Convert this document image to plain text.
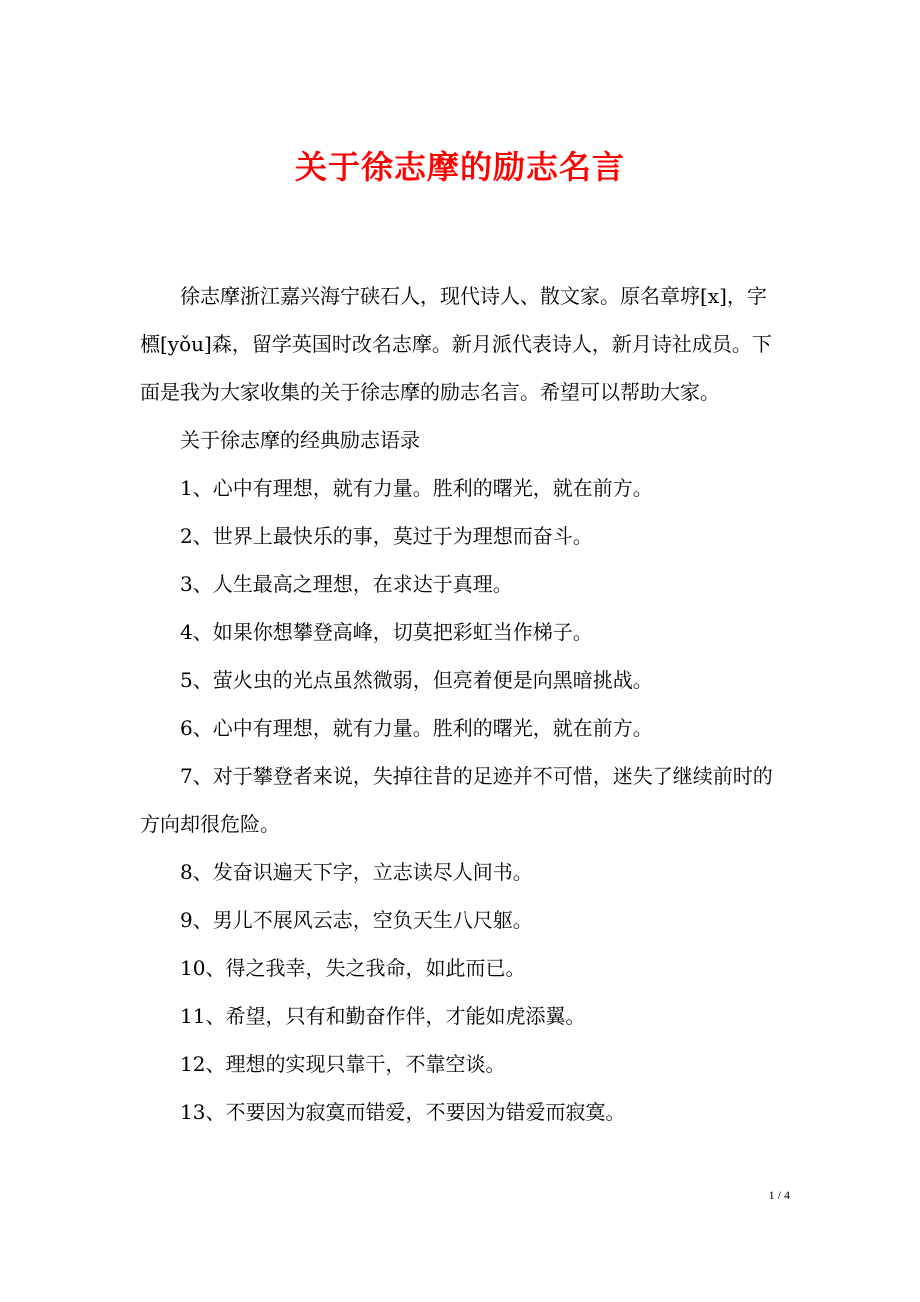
关于徐志摩的励志名言

徐志摩浙江嘉兴海宁硖石人，现代诗人、散文家。原名章垿[x]，字槱[yǒu]森，留学英国时改名志摩。新月派代表诗人，新月诗社成员。下面是我为大家收集的关于徐志摩的励志名言。希望可以帮助大家。

关于徐志摩的经典励志语录

1、心中有理想，就有力量。胜利的曙光，就在前方。

2、世界上最快乐的事，莫过于为理想而奋斗。

3、人生最高之理想，在求达于真理。

4、如果你想攀登高峰，切莫把彩虹当作梯子。

5、萤火虫的光点虽然微弱，但亮着便是向黑暗挑战。

6、心中有理想，就有力量。胜利的曙光，就在前方。

7、对于攀登者来说，失掉往昔的足迹并不可惜，迷失了继续前时的方向却很危险。

8、发奋识遍天下字，立志读尽人间书。

9、男儿不展风云志，空负天生八尺躯。

10、得之我幸，失之我命，如此而已。

11、希望，只有和勤奋作伴，才能如虎添翼。

12、理想的实现只靠干，不靠空谈。

13、不要因为寂寞而错爱，不要因为错爱而寂寞。

1 / 4
